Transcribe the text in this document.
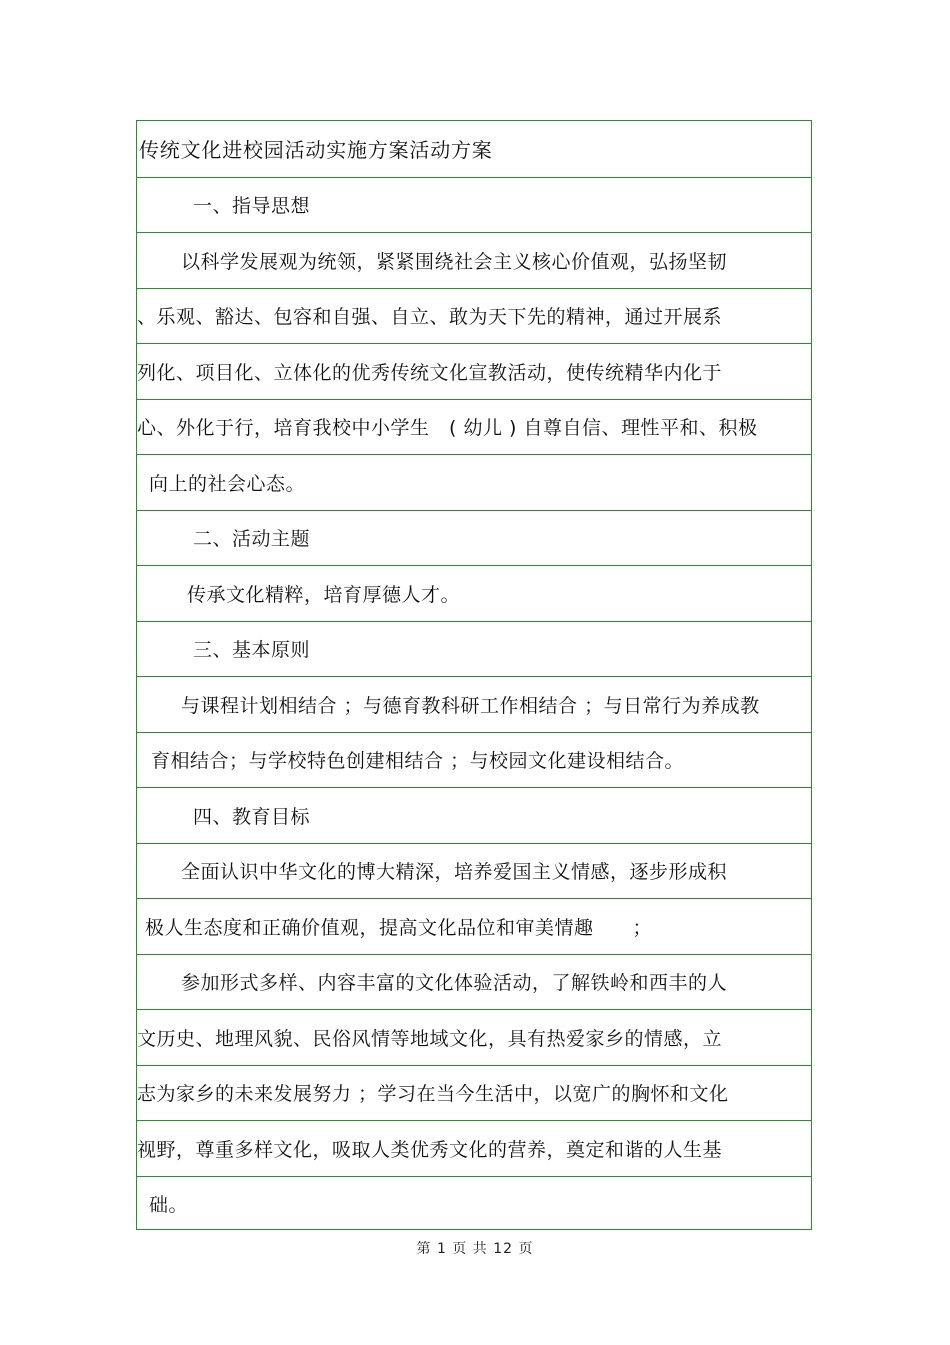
传统文化进校园活动实施方案活动方案
一、指导思想
以科学发展观为统领，紧紧围绕社会主义核心价值观，弘扬坚韧
、乐观、豁达、包容和自强、自立、敢为天下先的精神，通过开展系
列化、项目化、立体化的优秀传统文化宣教活动，使传统精华内化于
心、外化于行，培育我校中小学生　( 幼儿 ) 自尊自信、理性平和、积极
向上的社会心态。
二、活动主题
传承文化精粹，培育厚德人才。
三、基本原则
与课程计划相结合 ；与德育教科研工作相结合 ；与日常行为养成教
育相结合；与学校特色创建相结合 ；与校园文化建设相结合。
四、教育目标
全面认识中华文化的博大精深，培养爱国主义情感，逐步形成积
极人生态度和正确价值观，提高文化品位和审美情趣　　；
参加形式多样、内容丰富的文化体验活动，了解铁岭和西丰的人
文历史、地理风貌、民俗风情等地域文化，具有热爱家乡的情感，立
志为家乡的未来发展努力 ；学习在当今生活中，以宽广的胸怀和文化
视野，尊重多样文化，吸取人类优秀文化的营养，奠定和谐的人生基
础。
第 1 页 共 12 页
